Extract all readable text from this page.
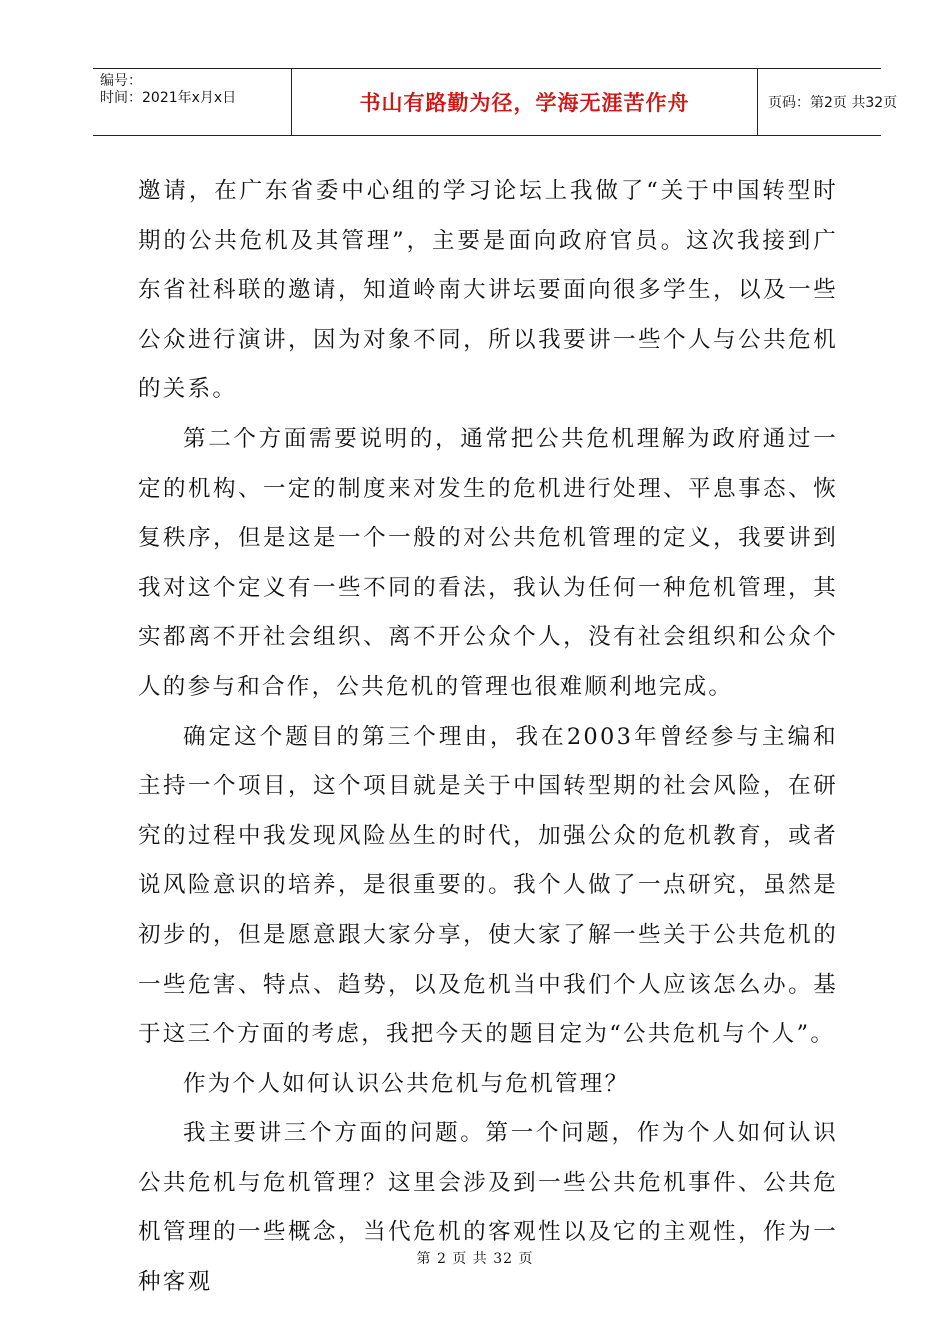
编号：
时间：2021年x月x日	书山有路勤为径，学海无涯苦作舟	页码：第2页 共32页

邀请，在广东省委中心组的学习论坛上我做了“关于中国转型时期的公共危机及其管理”，主要是面向政府官员。这次我接到广东省社科联的邀请，知道岭南大讲坛要面向很多学生，以及一些公众进行演讲，因为对象不同，所以我要讲一些个人与公共危机的关系。

第二个方面需要说明的，通常把公共危机理解为政府通过一定的机构、一定的制度来对发生的危机进行处理、平息事态、恢复秩序，但是这是一个一般的对公共危机管理的定义，我要讲到我对这个定义有一些不同的看法，我认为任何一种危机管理，其实都离不开社会组织、离不开公众个人，没有社会组织和公众个人的参与和合作，公共危机的管理也很难顺利地完成。

确定这个题目的第三个理由，我在2003年曾经参与主编和主持一个项目，这个项目就是关于中国转型期的社会风险，在研究的过程中我发现风险丛生的时代，加强公众的危机教育，或者说风险意识的培养，是很重要的。我个人做了一点研究，虽然是初步的，但是愿意跟大家分享，使大家了解一些关于公共危机的一些危害、特点、趋势，以及危机当中我们个人应该怎么办。基于这三个方面的考虑，我把今天的题目定为“公共危机与个人”。

作为个人如何认识公共危机与危机管理？

我主要讲三个方面的问题。第一个问题，作为个人如何认识公共危机与危机管理？这里会涉及到一些公共危机事件、公共危机管理的一些概念，当代危机的客观性以及它的主观性，作为一种客观

第 2 页 共 32 页
